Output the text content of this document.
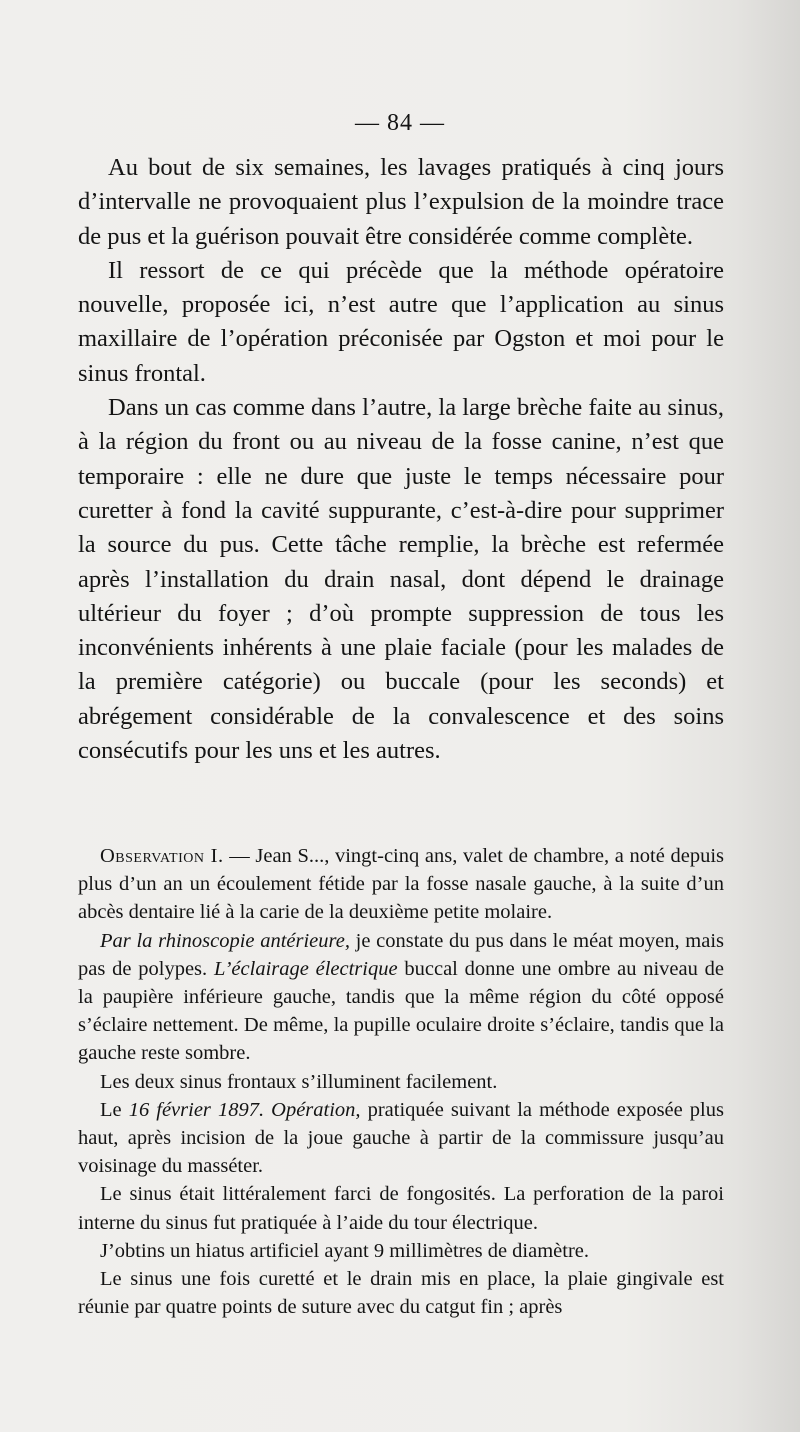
— 84 —

Au bout de six semaines, les lavages pratiqués à cinq jours d’intervalle ne provoquaient plus l’expulsion de la moindre trace de pus et la guérison pouvait être considérée comme complète.

Il ressort de ce qui précède que la méthode opératoire nouvelle, proposée ici, n’est autre que l’application au sinus maxillaire de l’opération préconisée par Ogston et moi pour le sinus frontal.

Dans un cas comme dans l’autre, la large brèche faite au sinus, à la région du front ou au niveau de la fosse canine, n’est que temporaire : elle ne dure que juste le temps nécessaire pour curetter à fond la cavité suppurante, c’est-à-dire pour supprimer la source du pus. Cette tâche remplie, la brèche est refermée après l’installation du drain nasal, dont dépend le drainage ultérieur du foyer ; d’où prompte suppression de tous les inconvénients inhérents à une plaie faciale (pour les malades de la première catégorie) ou buccale (pour les seconds) et abrégement considérable de la convalescence et des soins consécutifs pour les uns et les autres.

Observation I. — Jean S..., vingt-cinq ans, valet de chambre, a noté depuis plus d’un an un écoulement fétide par la fosse nasale gauche, à la suite d’un abcès dentaire lié à la carie de la deuxième petite molaire.

Par la rhinoscopie antérieure, je constate du pus dans le méat moyen, mais pas de polypes. L’éclairage électrique buccal donne une ombre au niveau de la paupière inférieure gauche, tandis que la même région du côté opposé s’éclaire nettement. De même, la pupille oculaire droite s’éclaire, tandis que la gauche reste sombre.

Les deux sinus frontaux s’illuminent facilement.

Le 16 février 1897. Opération, pratiquée suivant la méthode exposée plus haut, après incision de la joue gauche à partir de la commissure jusqu’au voisinage du masséter.

Le sinus était littéralement farci de fongosités. La perforation de la paroi interne du sinus fut pratiquée à l’aide du tour électrique.

J’obtins un hiatus artificiel ayant 9 millimètres de diamètre.

Le sinus une fois curetté et le drain mis en place, la plaie gingivale est réunie par quatre points de suture avec du catgut fin ; après
